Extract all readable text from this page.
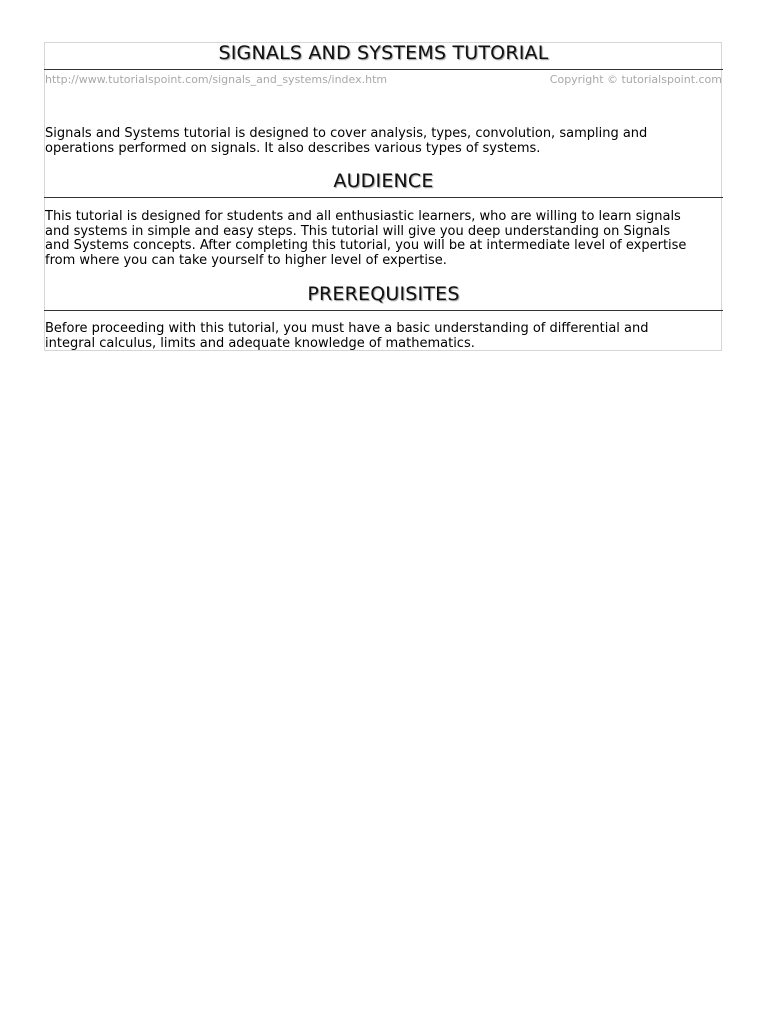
SIGNALS AND SYSTEMS TUTORIAL
http://www.tutorialspoint.com/signals_and_systems/index.htm	Copyright © tutorialspoint.com

Signals and Systems tutorial is designed to cover analysis, types, convolution, sampling and
operations performed on signals. It also describes various types of systems.

AUDIENCE

This tutorial is designed for students and all enthusiastic learners, who are willing to learn signals
and systems in simple and easy steps. This tutorial will give you deep understanding on Signals
and Systems concepts. After completing this tutorial, you will be at intermediate level of expertise
from where you can take yourself to higher level of expertise.

PREREQUISITES

Before proceeding with this tutorial, you must have a basic understanding of differential and
integral calculus, limits and adequate knowledge of mathematics.
